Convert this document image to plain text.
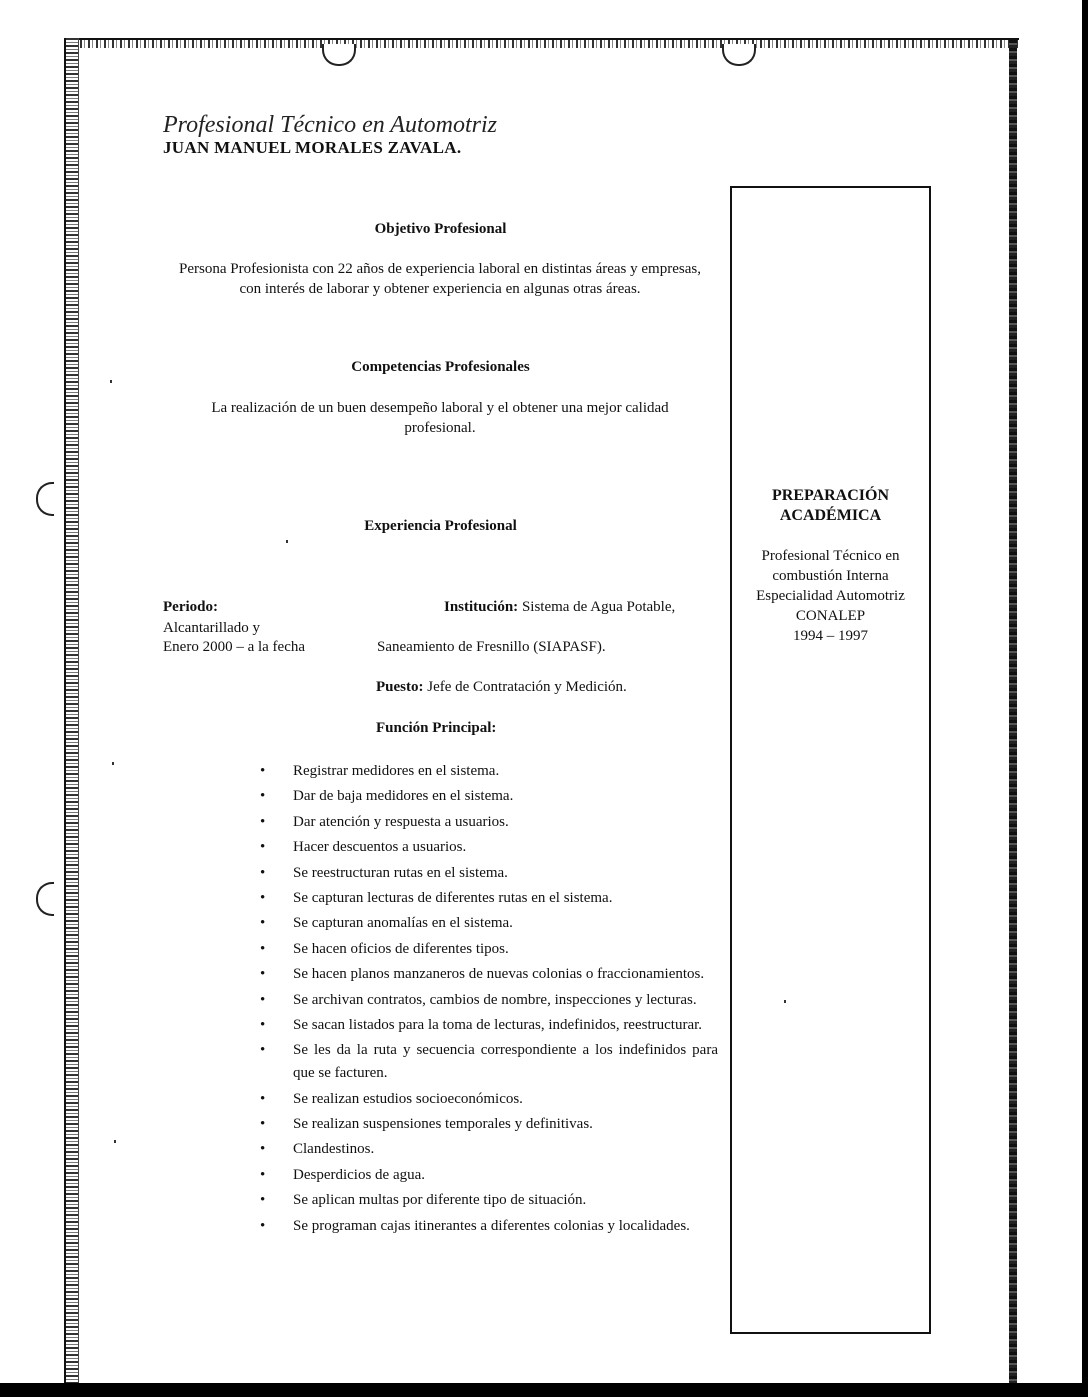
Profesional Técnico en Automotriz
JUAN MANUEL MORALES ZAVALA.
Objetivo Profesional
Persona Profesionista con 22 años de experiencia laboral en distintas áreas y empresas, con interés de laborar y obtener experiencia en algunas otras áreas.
Competencias Profesionales
La realización de un buen desempeño laboral y el obtener una mejor calidad profesional.
Experiencia Profesional
Periodo:	Institución: Sistema de Agua Potable,
Alcantarillado y
Enero 2000 – a la fecha	Saneamiento de Fresnillo (SIAPASF).
Puesto: Jefe de Contratación y Medición.
Función Principal:
• Registrar medidores en el sistema.
• Dar de baja medidores en el sistema.
• Dar atención y respuesta a usuarios.
• Hacer descuentos a usuarios.
• Se reestructuran rutas en el sistema.
• Se capturan lecturas de diferentes rutas en el sistema.
• Se capturan anomalías en el sistema.
• Se hacen oficios de diferentes tipos.
• Se hacen planos manzaneros de nuevas colonias o fraccionamientos.
• Se archivan contratos, cambios de nombre, inspecciones y lecturas.
• Se sacan listados para la toma de lecturas, indefinidos, reestructurar.
• Se les da la ruta y secuencia correspondiente a los indefinidos para que se facturen.
• Se realizan estudios socioeconómicos.
• Se realizan suspensiones temporales y definitivas.
• Clandestinos.
• Desperdicios de agua.
• Se aplican multas por diferente tipo de situación.
• Se programan cajas itinerantes a diferentes colonias y localidades.
PREPARACIÓN
ACADÉMICA
Profesional Técnico en
combustión Interna
Especialidad Automotriz
CONALEP
1994 – 1997
